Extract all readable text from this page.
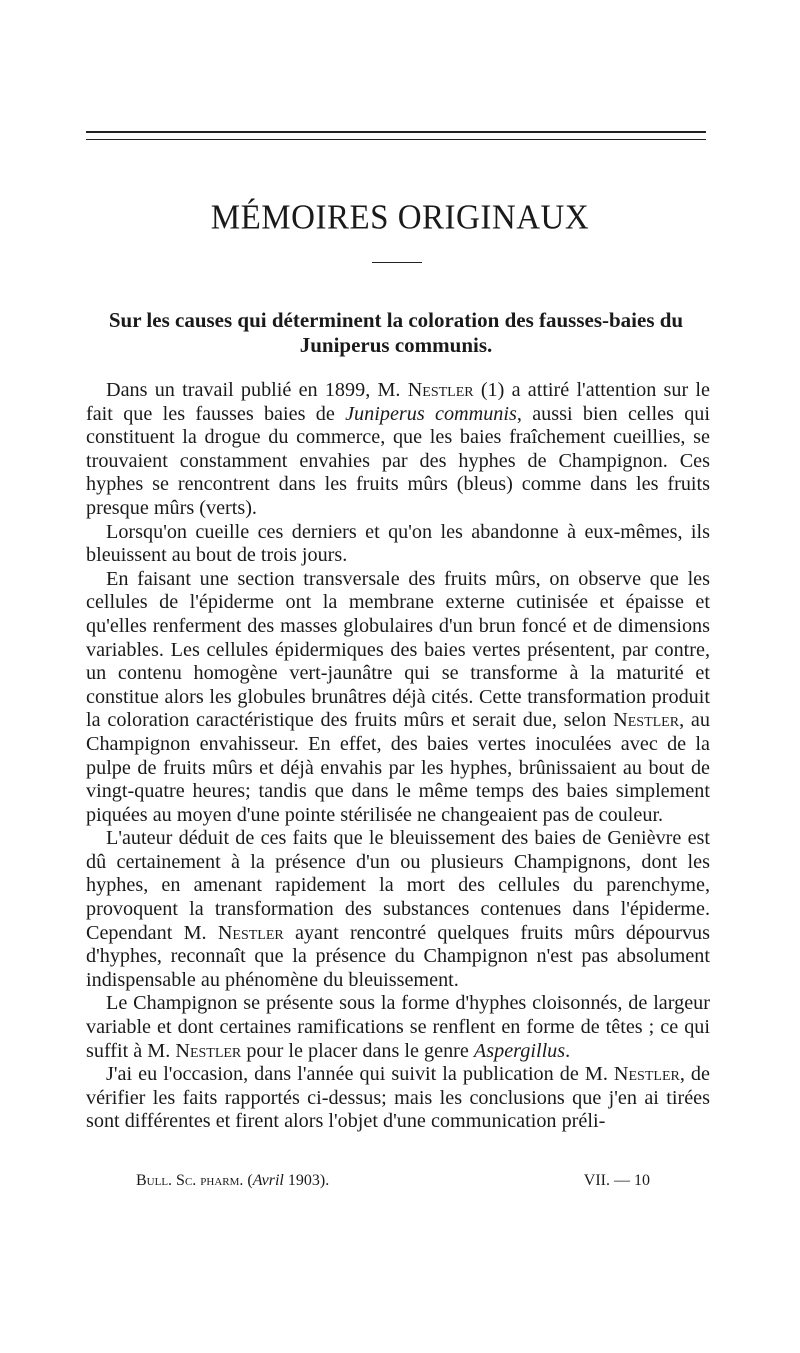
MÉMOIRES ORIGINAUX
Sur les causes qui déterminent la coloration des fausses-baies du Juniperus communis.

Dans un travail publié en 1899, M. Nestler (1) a attiré l'attention sur le fait que les fausses baies de Juniperus communis, aussi bien celles qui constituent la drogue du commerce, que les baies fraîchement cueillies, se trouvaient constamment envahies par des hyphes de Champignon. Ces hyphes se rencontrent dans les fruits mûrs (bleus) comme dans les fruits presque mûrs (verts).

Lorsqu'on cueille ces derniers et qu'on les abandonne à eux-mêmes, ils bleuissent au bout de trois jours.

En faisant une section transversale des fruits mûrs, on observe que les cellules de l'épiderme ont la membrane externe cutinisée et épaisse et qu'elles renferment des masses globulaires d'un brun foncé et de dimensions variables. Les cellules épidermiques des baies vertes présentent, par contre, un contenu homogène vert-jaunâtre qui se transforme à la maturité et constitue alors les globules brunâtres déjà cités. Cette transformation produit la coloration caractéristique des fruits mûrs et serait due, selon Nestler, au Champignon envahisseur. En effet, des baies vertes inoculées avec de la pulpe de fruits mûrs et déjà envahis par les hyphes, brûnissaient au bout de vingt-quatre heures; tandis que dans le même temps des baies simplement piquées au moyen d'une pointe stérilisée ne changeaient pas de couleur.

L'auteur déduit de ces faits que le bleuissement des baies de Genièvre est dû certainement à la présence d'un ou plusieurs Champignons, dont les hyphes, en amenant rapidement la mort des cellules du parenchyme, provoquent la transformation des substances contenues dans l'épiderme. Cependant M. Nestler ayant rencontré quelques fruits mûrs dépourvus d'hyphes, reconnaît que la présence du Champignon n'est pas absolument indispensable au phénomène du bleuissement.

Le Champignon se présente sous la forme d'hyphes cloisonnés, de largeur variable et dont certaines ramifications se renflent en forme de têtes ; ce qui suffit à M. Nestler pour le placer dans le genre Aspergillus.

J'ai eu l'occasion, dans l'année qui suivit la publication de M. Nestler, de vérifier les faits rapportés ci-dessus; mais les conclusions que j'en ai tirées sont différentes et firent alors l'objet d'une communication préli-

Bull. Sc. pharm. (Avril 1903).	VII. — 10
